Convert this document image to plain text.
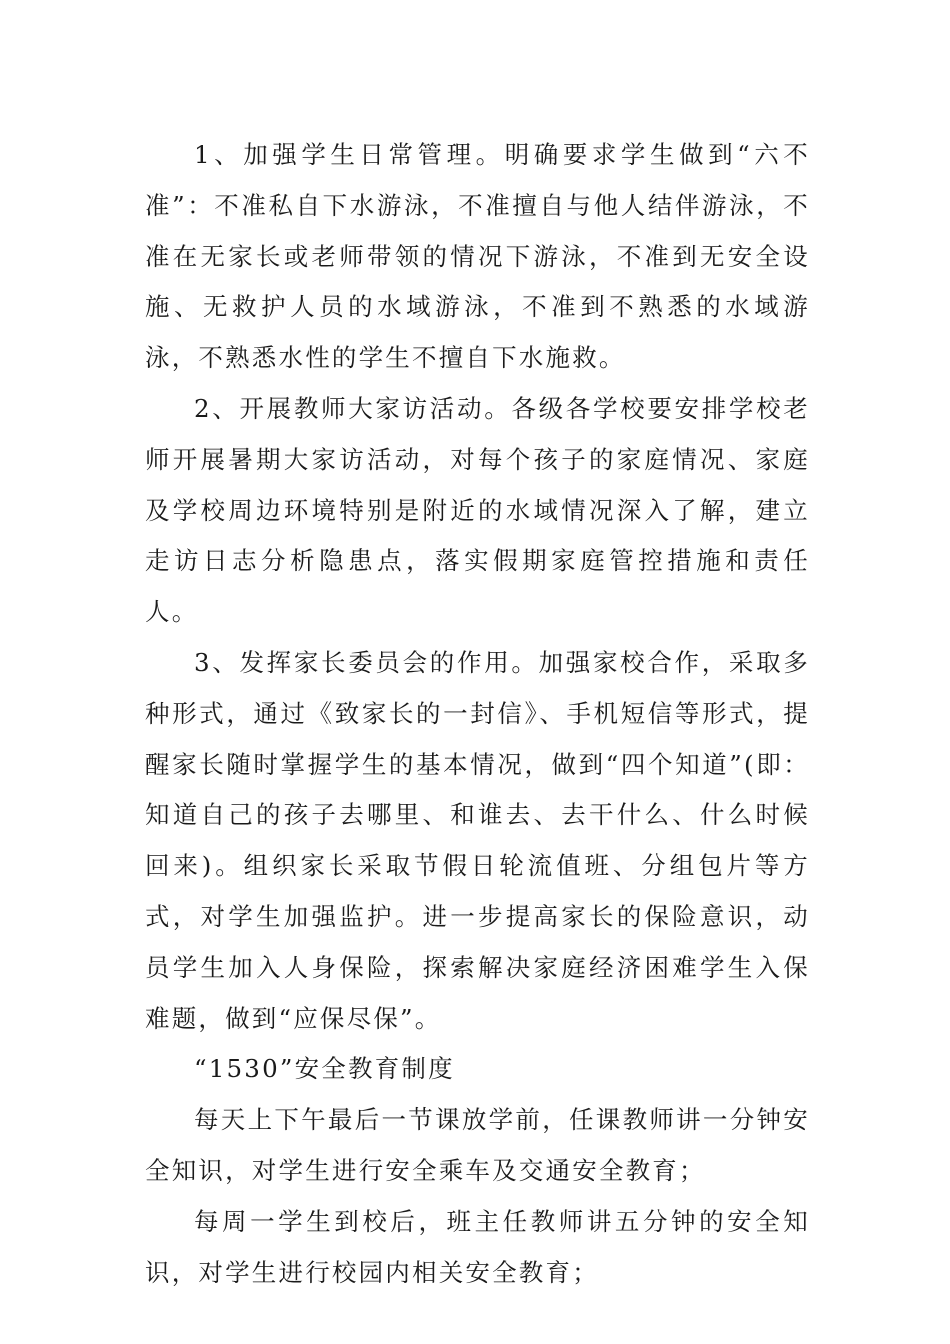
1、加强学生日常管理。明确要求学生做到“六不准”：不准私自下水游泳，不准擅自与他人结伴游泳，不准在无家长或老师带领的情况下游泳，不准到无安全设施、无救护人员的水域游泳，不准到不熟悉的水域游泳，不熟悉水性的学生不擅自下水施救。

2、开展教师大家访活动。各级各学校要安排学校老师开展暑期大家访活动，对每个孩子的家庭情况、家庭及学校周边环境特别是附近的水域情况深入了解，建立走访日志分析隐患点，落实假期家庭管控措施和责任人。

3、发挥家长委员会的作用。加强家校合作，采取多种形式，通过《致家长的一封信》、手机短信等形式，提醒家长随时掌握学生的基本情况，做到“四个知道”(即：知道自己的孩子去哪里、和谁去、去干什么、什么时候回来)。组织家长采取节假日轮流值班、分组包片等方式，对学生加强监护。进一步提高家长的保险意识，动员学生加入人身保险，探索解决家庭经济困难学生入保难题，做到“应保尽保”。

“1530”安全教育制度

每天上下午最后一节课放学前，任课教师讲一分钟安全知识，对学生进行安全乘车及交通安全教育；

每周一学生到校后，班主任教师讲五分钟的安全知识，对学生进行校园内相关安全教育；
